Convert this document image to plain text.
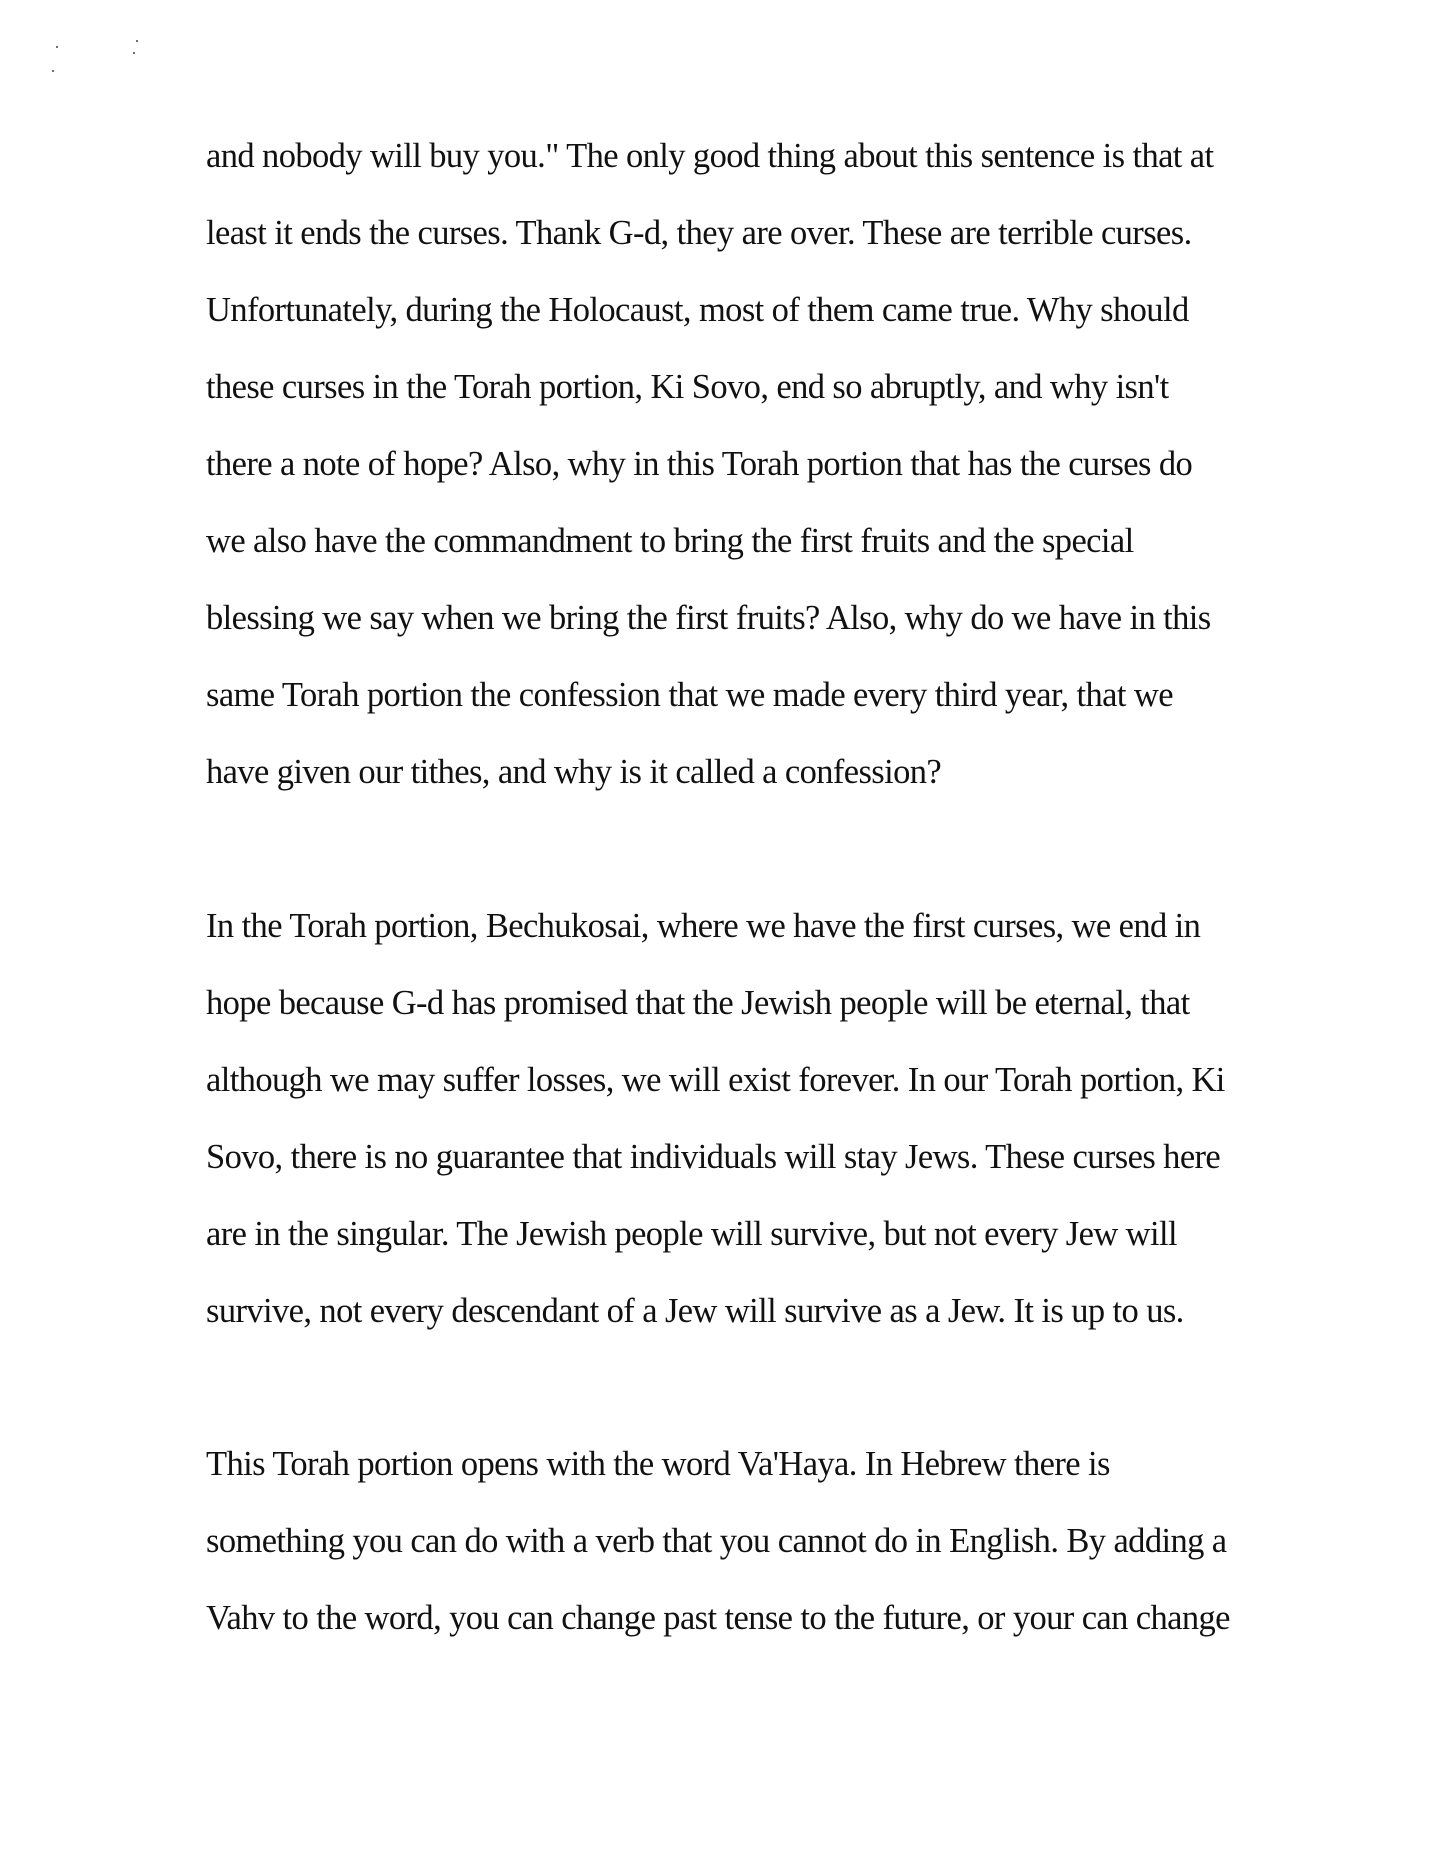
and nobody will buy you." The only good thing about this sentence is that at
least it ends the curses. Thank G-d, they are over. These are terrible curses.
Unfortunately, during the Holocaust, most of them came true. Why should
these curses in the Torah portion, Ki Sovo, end so abruptly, and why isn't
there a note of hope? Also, why in this Torah portion that has the curses do
we also have the commandment to bring the first fruits and the special
blessing we say when we bring the first fruits? Also, why do we have in this
same Torah portion the confession that we made every third year, that we
have given our tithes, and why is it called a confession?
In the Torah portion, Bechukosai, where we have the first curses, we end in
hope because G-d has promised that the Jewish people will be eternal, that
although we may suffer losses, we will exist forever. In our Torah portion, Ki
Sovo, there is no guarantee that individuals will stay Jews. These curses here
are in the singular. The Jewish people will survive, but not every Jew will
survive, not every descendant of a Jew will survive as a Jew. It is up to us.
This Torah portion opens with the word Va'Haya. In Hebrew there is
something you can do with a verb that you cannot do in English. By adding a
Vahv to the word, you can change past tense to the future, or your can change
